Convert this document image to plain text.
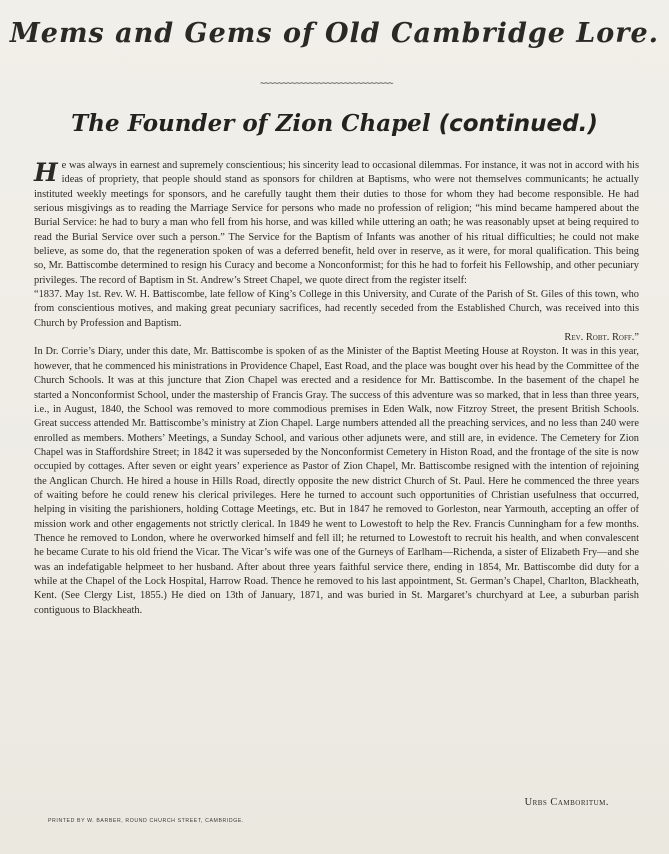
Mems and Gems of Old Cambridge Lore.
~~~~~~~~~~~~~~~~~~~~~~~~~~~~~~
The Founder of Zion Chapel (continued.)

He was always in earnest and supremely conscientious; his sincerity lead to occasional dilemmas. For instance, it was not in accord with his ideas of propriety, that people should stand as sponsors for children at Baptisms, who were not themselves communicants; he actually instituted weekly meetings for sponsors, and he carefully taught them their duties to those for whom they had become responsible. He had serious misgivings as to reading the Marriage Service for persons who made no profession of religion; “his mind became hampered about the Burial Service: he had to bury a man who fell from his horse, and was killed while uttering an oath; he was reasonably upset at being required to read the Burial Service over such a person.” The Service for the Baptism of Infants was another of his ritual difficulties; he could not make believe, as some do, that the regeneration spoken of was a deferred benefit, held over in reserve, as it were, for moral qualification. This being so, Mr. Battiscombe determined to resign his Curacy and become a Nonconformist; for this he had to forfeit his Fellowship, and other pecuniary privileges. The record of Baptism in St. Andrew’s Street Chapel, we quote direct from the register itself:

“1837. May 1st. Rev. W. H. Battiscombe, late fellow of King’s College in this University, and Curate of the Parish of St. Giles of this town, who from conscientious motives, and making great pecuniary sacrifices, had recently seceded from the Established Church, was received into this Church by Profession and Baptism.

Rev. Robt. Roff.”

In Dr. Corrie’s Diary, under this date, Mr. Battiscombe is spoken of as the Minister of the Baptist Meeting House at Royston. It was in this year, however, that he commenced his ministrations in Providence Chapel, East Road, and the place was bought over his head by the Committee of the Church Schools. It was at this juncture that Zion Chapel was erected and a residence for Mr. Battiscombe. In the basement of the chapel he started a Nonconformist School, under the mastership of Francis Gray. The success of this adventure was so marked, that in less than three years, i.e., in August, 1840, the School was removed to more commodious premises in Eden Walk, now Fitzroy Street, the present British Schools. Great success attended Mr. Battiscombe’s ministry at Zion Chapel. Large numbers attended all the preaching services, and no less than 240 were enrolled as members. Mothers’ Meetings, a Sunday School, and various other adjunets were, and still are, in evidence. The Cemetery for Zion Chapel was in Staffordshire Street; in 1842 it was superseded by the Nonconformist Cemetery in Histon Road, and the frontage of the site is now occupied by cottages. After seven or eight years’ experience as Pastor of Zion Chapel, Mr. Battiscombe resigned with the intention of rejoining the Anglican Church. He hired a house in Hills Road, directly opposite the new district Church of St. Paul. Here he commenced the three years of waiting before he could renew his clerical privileges. Here he turned to account such opportunities of Christian usefulness that occurred, helping in visiting the parishioners, holding Cottage Meetings, etc. But in 1847 he removed to Gorleston, near Yarmouth, accepting an offer of mission work and other engagements not strictly clerical. In 1849 he went to Lowestoft to help the Rev. Francis Cunningham for a few months. Thence he removed to London, where he overworked himself and fell ill; he returned to Lowestoft to recruit his health, and when convalescent he became Curate to his old friend the Vicar. The Vicar’s wife was one of the Gurneys of Earlham—Richenda, a sister of Elizabeth Fry—and she was an indefatigable helpmeet to her husband. After about three years faithful service there, ending in 1854, Mr. Battiscombe did duty for a while at the Chapel of the Lock Hospital, Harrow Road. Thence he removed to his last appointment, St. German’s Chapel, Charlton, Blackheath, Kent. (See Clergy List, 1855.) He died on 13th of January, 1871, and was buried in St. Margaret’s churchyard at Lee, a suburban parish contiguous to Blackheath.

Urbs Camboritum.
PRINTED BY W. BARBER, ROUND CHURCH STREET, CAMBRIDGE.
